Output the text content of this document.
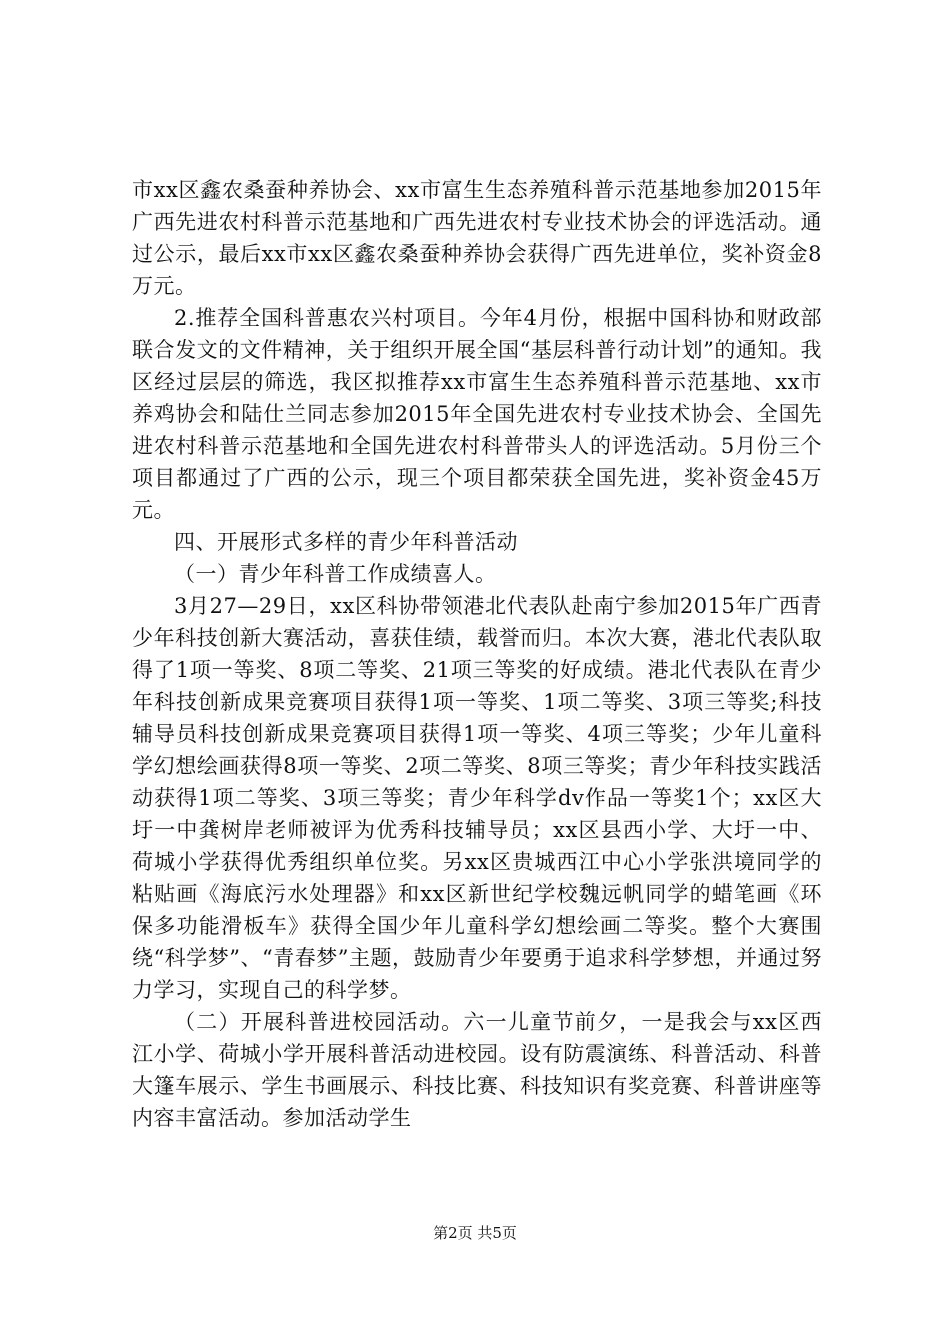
市xx区鑫农桑蚕种养协会、xx市富生生态养殖科普示范基地参加2015年广西先进农村科普示范基地和广西先进农村专业技术协会的评选活动。通过公示，最后xx市xx区鑫农桑蚕种养协会获得广西先进单位，奖补资金8万元。

2.推荐全国科普惠农兴村项目。今年4月份，根据中国科协和财政部联合发文的文件精神，关于组织开展全国“基层科普行动计划”的通知。我区经过层层的筛选，我区拟推荐xx市富生生态养殖科普示范基地、xx市养鸡协会和陆仕兰同志参加2015年全国先进农村专业技术协会、全国先进农村科普示范基地和全国先进农村科普带头人的评选活动。5月份三个项目都通过了广西的公示，现三个项目都荣获全国先进，奖补资金45万元。

四、开展形式多样的青少年科普活动

（一）青少年科普工作成绩喜人。

3月27—29日，xx区科协带领港北代表队赴南宁参加2015年广西青少年科技创新大赛活动，喜获佳绩，载誉而归。本次大赛，港北代表队取得了1项一等奖、8项二等奖、21项三等奖的好成绩。港北代表队在青少年科技创新成果竞赛项目获得1项一等奖、1项二等奖、3项三等奖;科技辅导员科技创新成果竞赛项目获得1项一等奖、4项三等奖；少年儿童科学幻想绘画获得8项一等奖、2项二等奖、8项三等奖；青少年科技实践活动获得1项二等奖、3项三等奖；青少年科学dv作品一等奖1个；xx区大圩一中龚树岸老师被评为优秀科技辅导员；xx区县西小学、大圩一中、荷城小学获得优秀组织单位奖。另xx区贵城西江中心小学张洪境同学的粘贴画《海底污水处理器》和xx区新世纪学校魏远帆同学的蜡笔画《环保多功能滑板车》获得全国少年儿童科学幻想绘画二等奖。整个大赛围绕“科学梦”、“青春梦”主题，鼓励青少年要勇于追求科学梦想，并通过努力学习，实现自己的科学梦。

（二）开展科普进校园活动。六一儿童节前夕，一是我会与xx区西江小学、荷城小学开展科普活动进校园。设有防震演练、科普活动、科普大篷车展示、学生书画展示、科技比赛、科技知识有奖竞赛、科普讲座等内容丰富活动。参加活动学生

第2页 共5页
